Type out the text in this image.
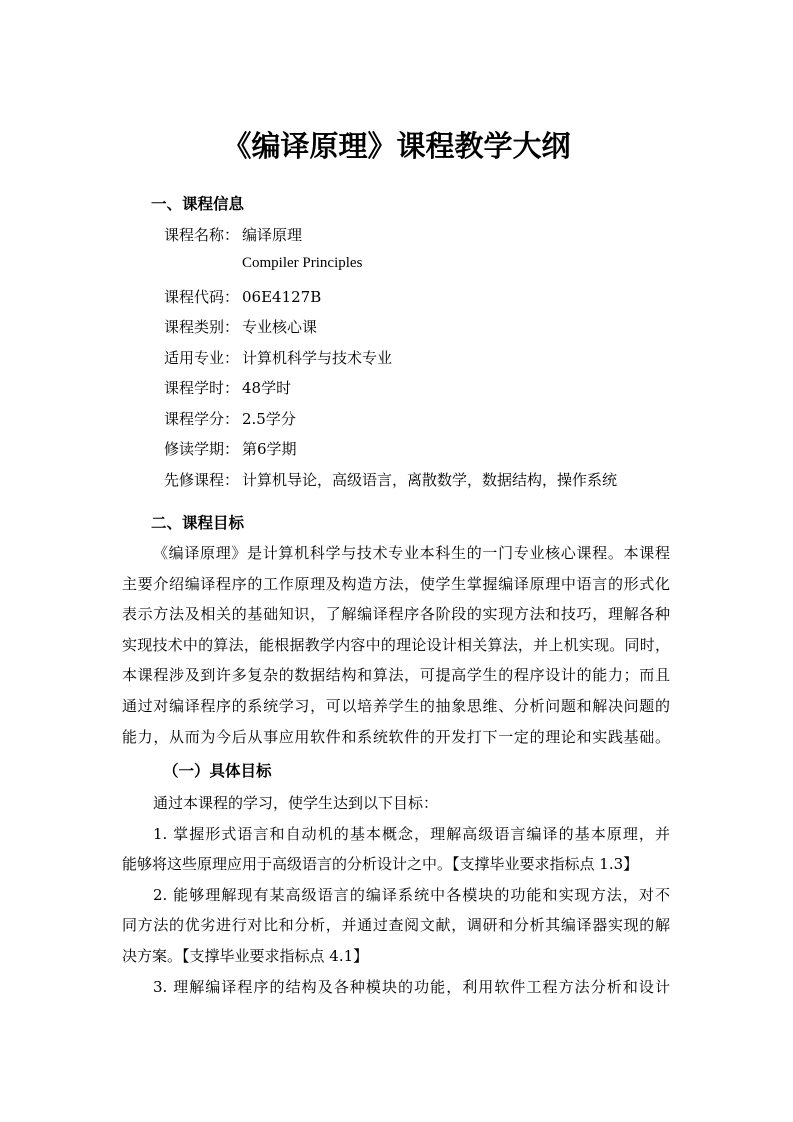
《编译原理》课程教学大纲
一、课程信息
课程名称： 编译原理
Compiler Principles
课程代码： 06E4127B
课程类别： 专业核心课
适用专业： 计算机科学与技术专业
课程学时： 48学时
课程学分： 2.5学分
修读学期： 第6学期
先修课程： 计算机导论，高级语言，离散数学，数据结构，操作系统
二、课程目标
《编译原理》是计算机科学与技术专业本科生的一门专业核心课程。本课程
主要介绍编译程序的工作原理及构造方法，使学生掌握编译原理中语言的形式化
表示方法及相关的基础知识，了解编译程序各阶段的实现方法和技巧，理解各种
实现技术中的算法，能根据教学内容中的理论设计相关算法，并上机实现。同时，
本课程涉及到许多复杂的数据结构和算法，可提高学生的程序设计的能力；而且
通过对编译程序的系统学习，可以培养学生的抽象思维、分析问题和解决问题的
能力，从而为今后从事应用软件和系统软件的开发打下一定的理论和实践基础。
（一）具体目标
通过本课程的学习，使学生达到以下目标：
1. 掌握形式语言和自动机的基本概念，理解高级语言编译的基本原理，并
能够将这些原理应用于高级语言的分析设计之中。【支撑毕业要求指标点 1.3】
2. 能够理解现有某高级语言的编译系统中各模块的功能和实现方法，对不
同方法的优劣进行对比和分析，并通过查阅文献，调研和分析其编译器实现的解
决方案。【支撑毕业要求指标点 4.1】
3. 理解编译程序的结构及各种模块的功能，利用软件工程方法分析和设计
